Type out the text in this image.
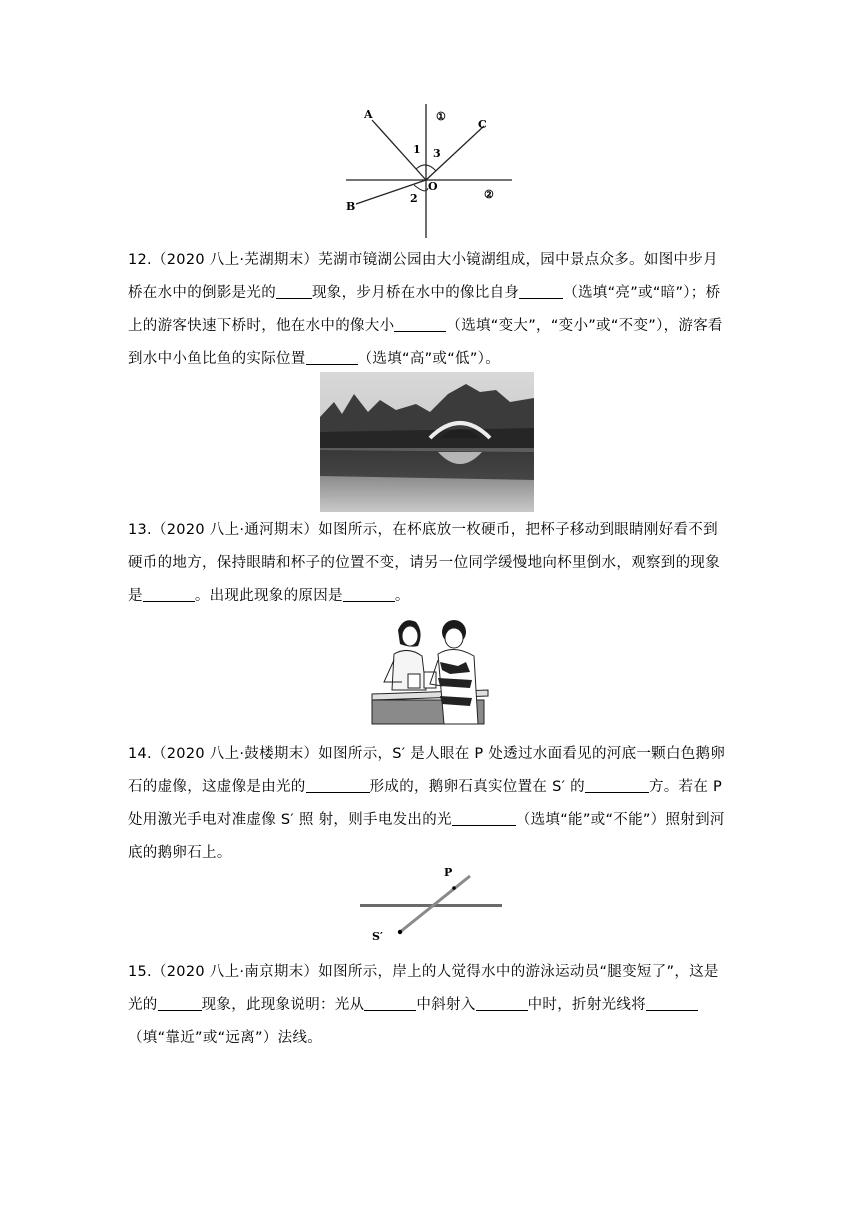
A
B
C
O
1
2
3
①
②

12.（2020 八上·芜湖期末）芜湖市镜湖公园由大小镜湖组成，园中景点众多。如图中步月桥在水中的倒影是光的 现象，步月桥在水中的像比自身	（选填“亮”或“暗”）；桥上的游客快速下桥时，他在水中的像大小	（选填“变大”，“变小”或“不变”），游客看到水中小鱼比鱼的实际位置	（选填“高”或“低”）。

13.（2020 八上·通河期末）如图所示，在杯底放一枚硬币，把杯子移动到眼睛刚好看不到硬币的地方，保持眼睛和杯子的位置不变，请另一位同学缓慢地向杯里倒水，观察到的现象是	。出现此现象的原因是	。

14.（2020 八上·鼓楼期末）如图所示，S′ 是人眼在 P 处透过水面看见的河底一颗白色鹅卵石的虚像，这虚像是由光的	形成的，鹅卵石真实位置在 S′ 的	方。若在 P 处用激光手电对准虚像 S′ 照 射，则手电发出的光	（选填“能”或“不能”）照射到河底的鹅卵石上。

P
S′

15.（2020 八上·南京期末）如图所示，岸上的人觉得水中的游泳运动员“腿变短了”，这是光的	现象，此现象说明：光从	中斜射入	中时，折射光线将（填“靠近”或“远离”）法线。
